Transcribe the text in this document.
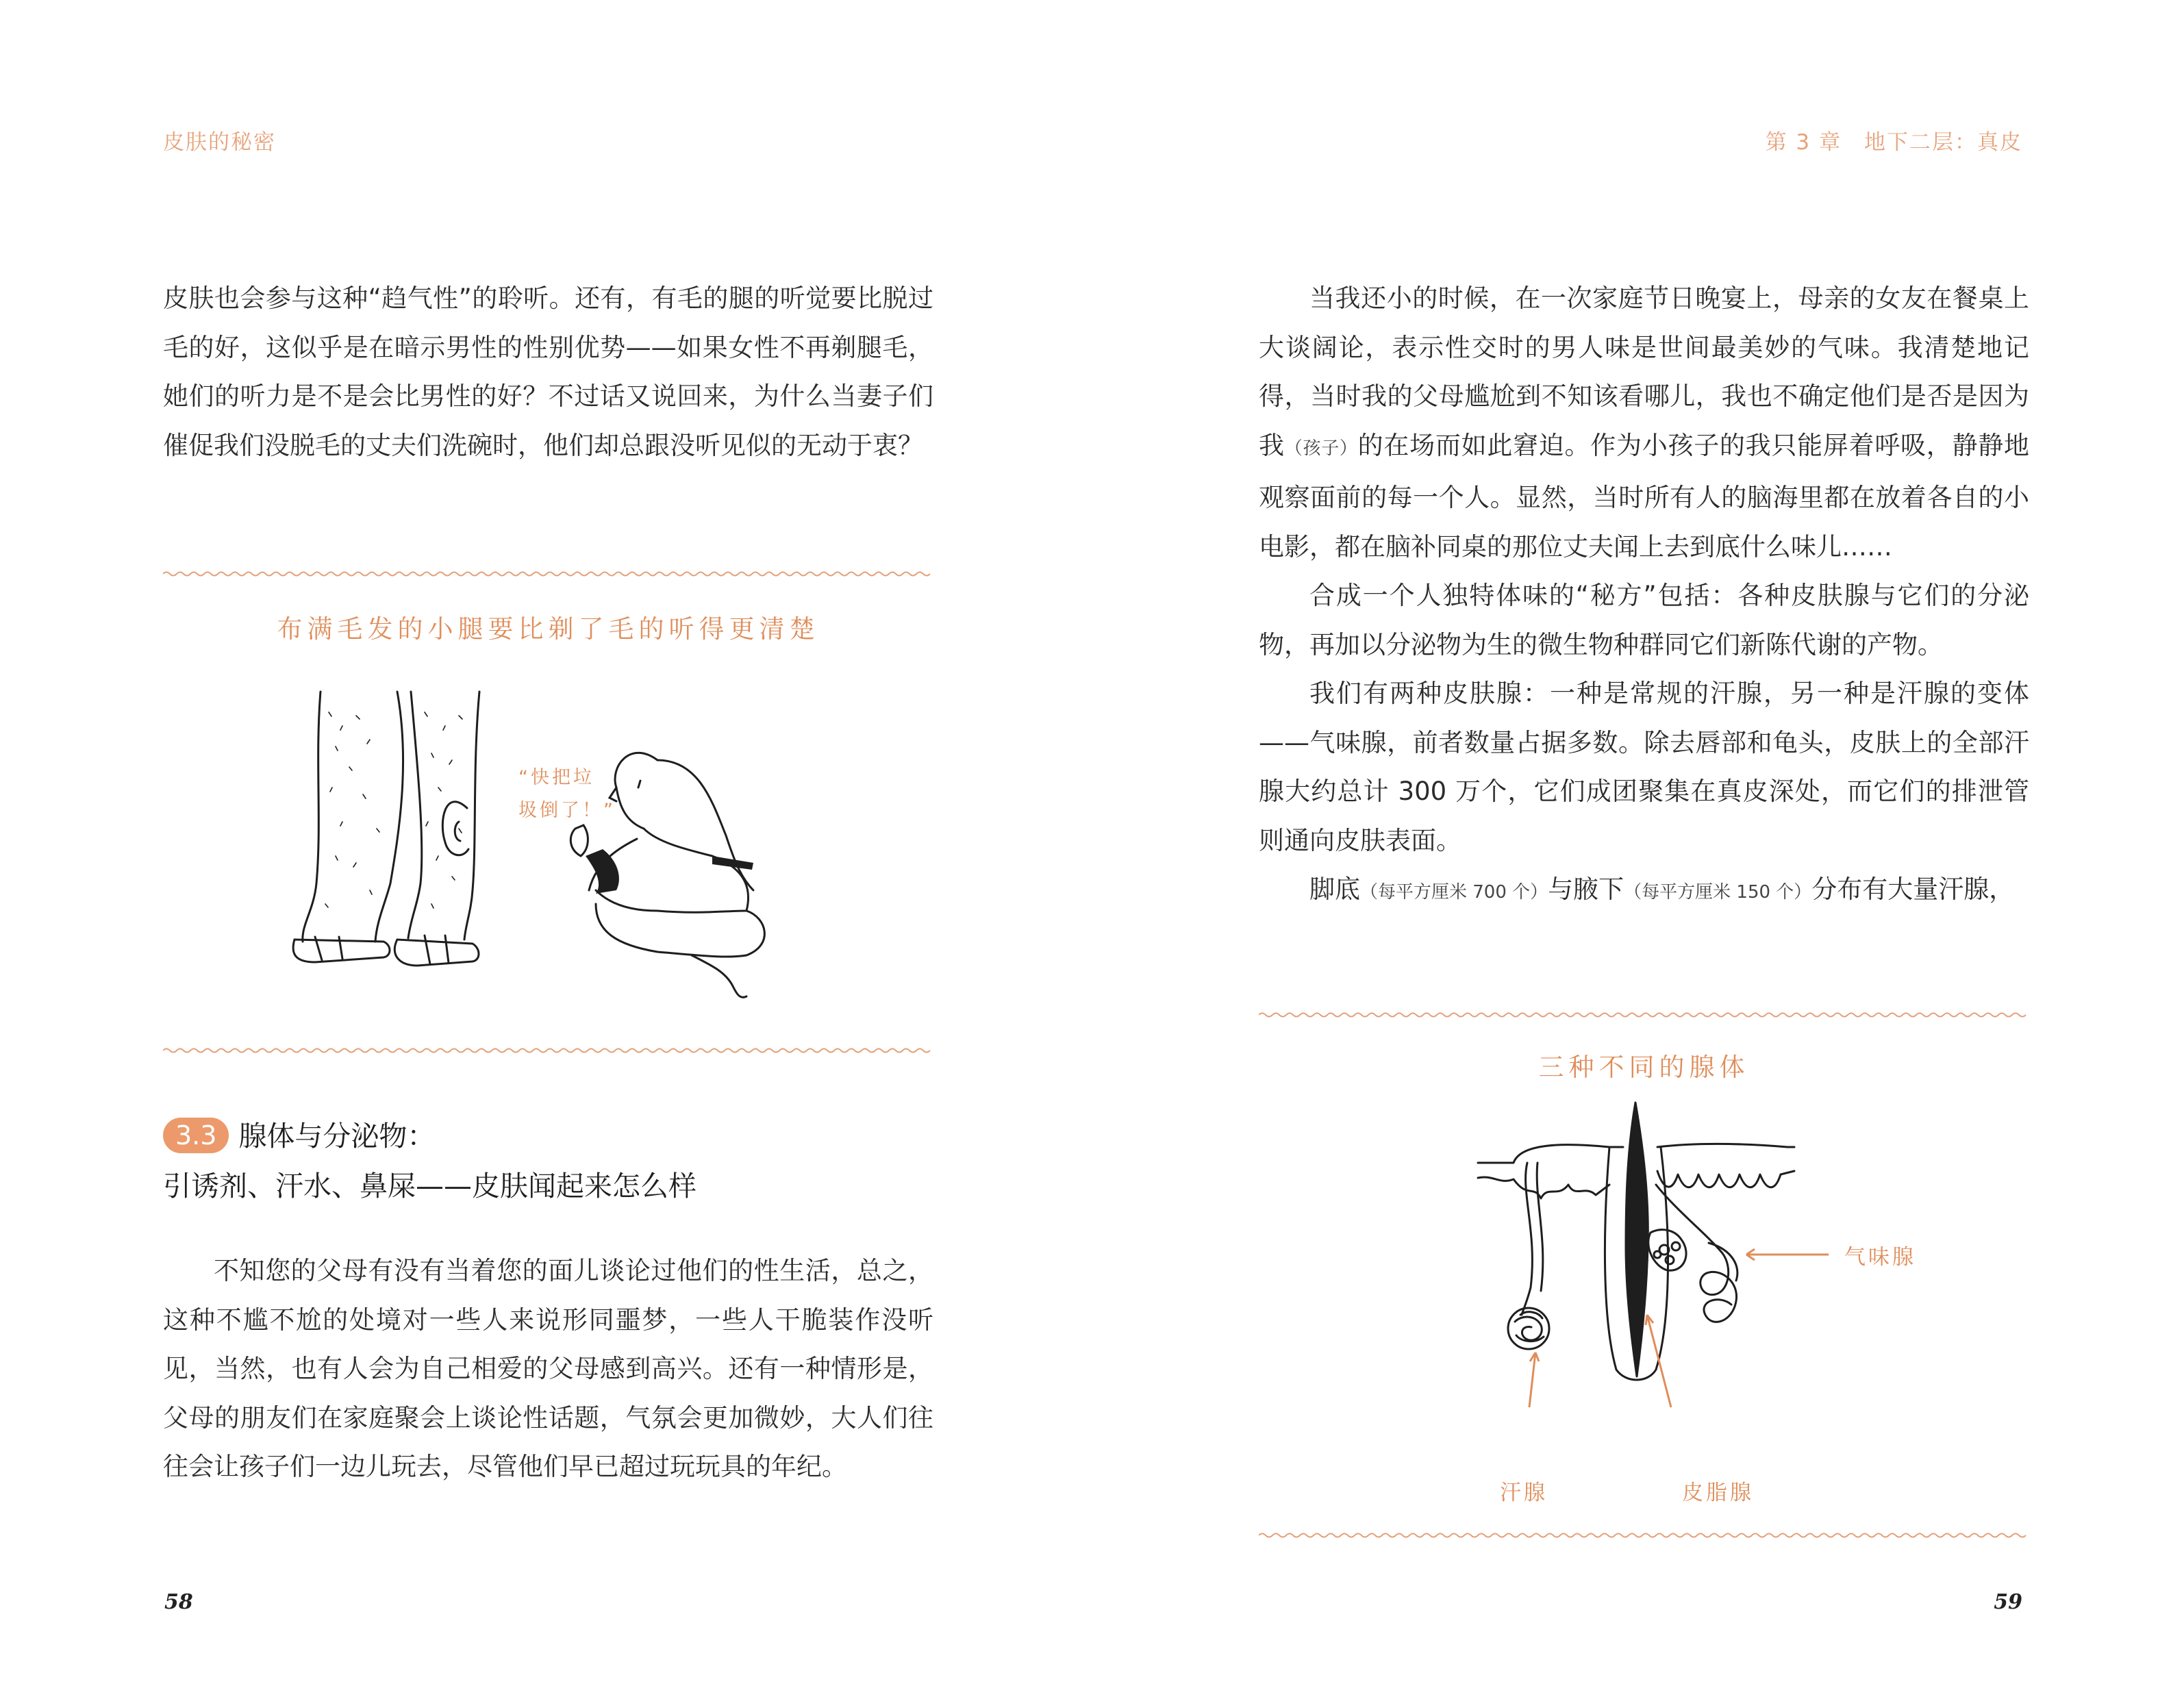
皮肤的秘密

皮肤也会参与这种“趋气性”的聆听。还有，有毛的腿的听觉要比脱过毛的好，这似乎是在暗示男性的性别优势——如果女性不再剃腿毛，她们的听力是不是会比男性的好？不过话又说回来，为什么当妻子们催促我们没脱毛的丈夫们洗碗时，他们却总跟没听见似的无动于衷？

布满毛发的小腿要比剃了毛的听得更清楚
“快把垃
圾倒了！”
3.3 腺体与分泌物：
引诱剂、汗水、鼻屎——皮肤闻起来怎么样

不知您的父母有没有当着您的面儿谈论过他们的性生活，总之，这种不尴不尬的处境对一些人来说形同噩梦，一些人干脆装作没听见，当然，也有人会为自己相爱的父母感到高兴。还有一种情形是，父母的朋友们在家庭聚会上谈论性话题，气氛会更加微妙，大人们往往会让孩子们一边儿玩去，尽管他们早已超过玩玩具的年纪。

58
第 3 章　地下二层：真皮

当我还小的时候，在一次家庭节日晚宴上，母亲的女友在餐桌上大谈阔论，表示性交时的男人味是世间最美妙的气味。我清楚地记得，当时我的父母尴尬到不知该看哪儿，我也不确定他们是否是因为我（孩子）的在场而如此窘迫。作为小孩子的我只能屏着呼吸，静静地观察面前的每一个人。显然，当时所有人的脑海里都在放着各自的小电影，都在脑补同桌的那位丈夫闻上去到底什么味儿……

合成一个人独特体味的“秘方”包括：各种皮肤腺与它们的分泌物，再加以分泌物为生的微生物种群同它们新陈代谢的产物。

我们有两种皮肤腺：一种是常规的汗腺，另一种是汗腺的变体——气味腺，前者数量占据多数。除去唇部和龟头，皮肤上的全部汗腺大约总计 300 万个，它们成团聚集在真皮深处，而它们的排泄管则通向皮肤表面。

脚底（每平方厘米 700 个）与腋下（每平方厘米 150 个）分布有大量汗腺，

三种不同的腺体
气味腺
汗腺	皮脂腺
59
